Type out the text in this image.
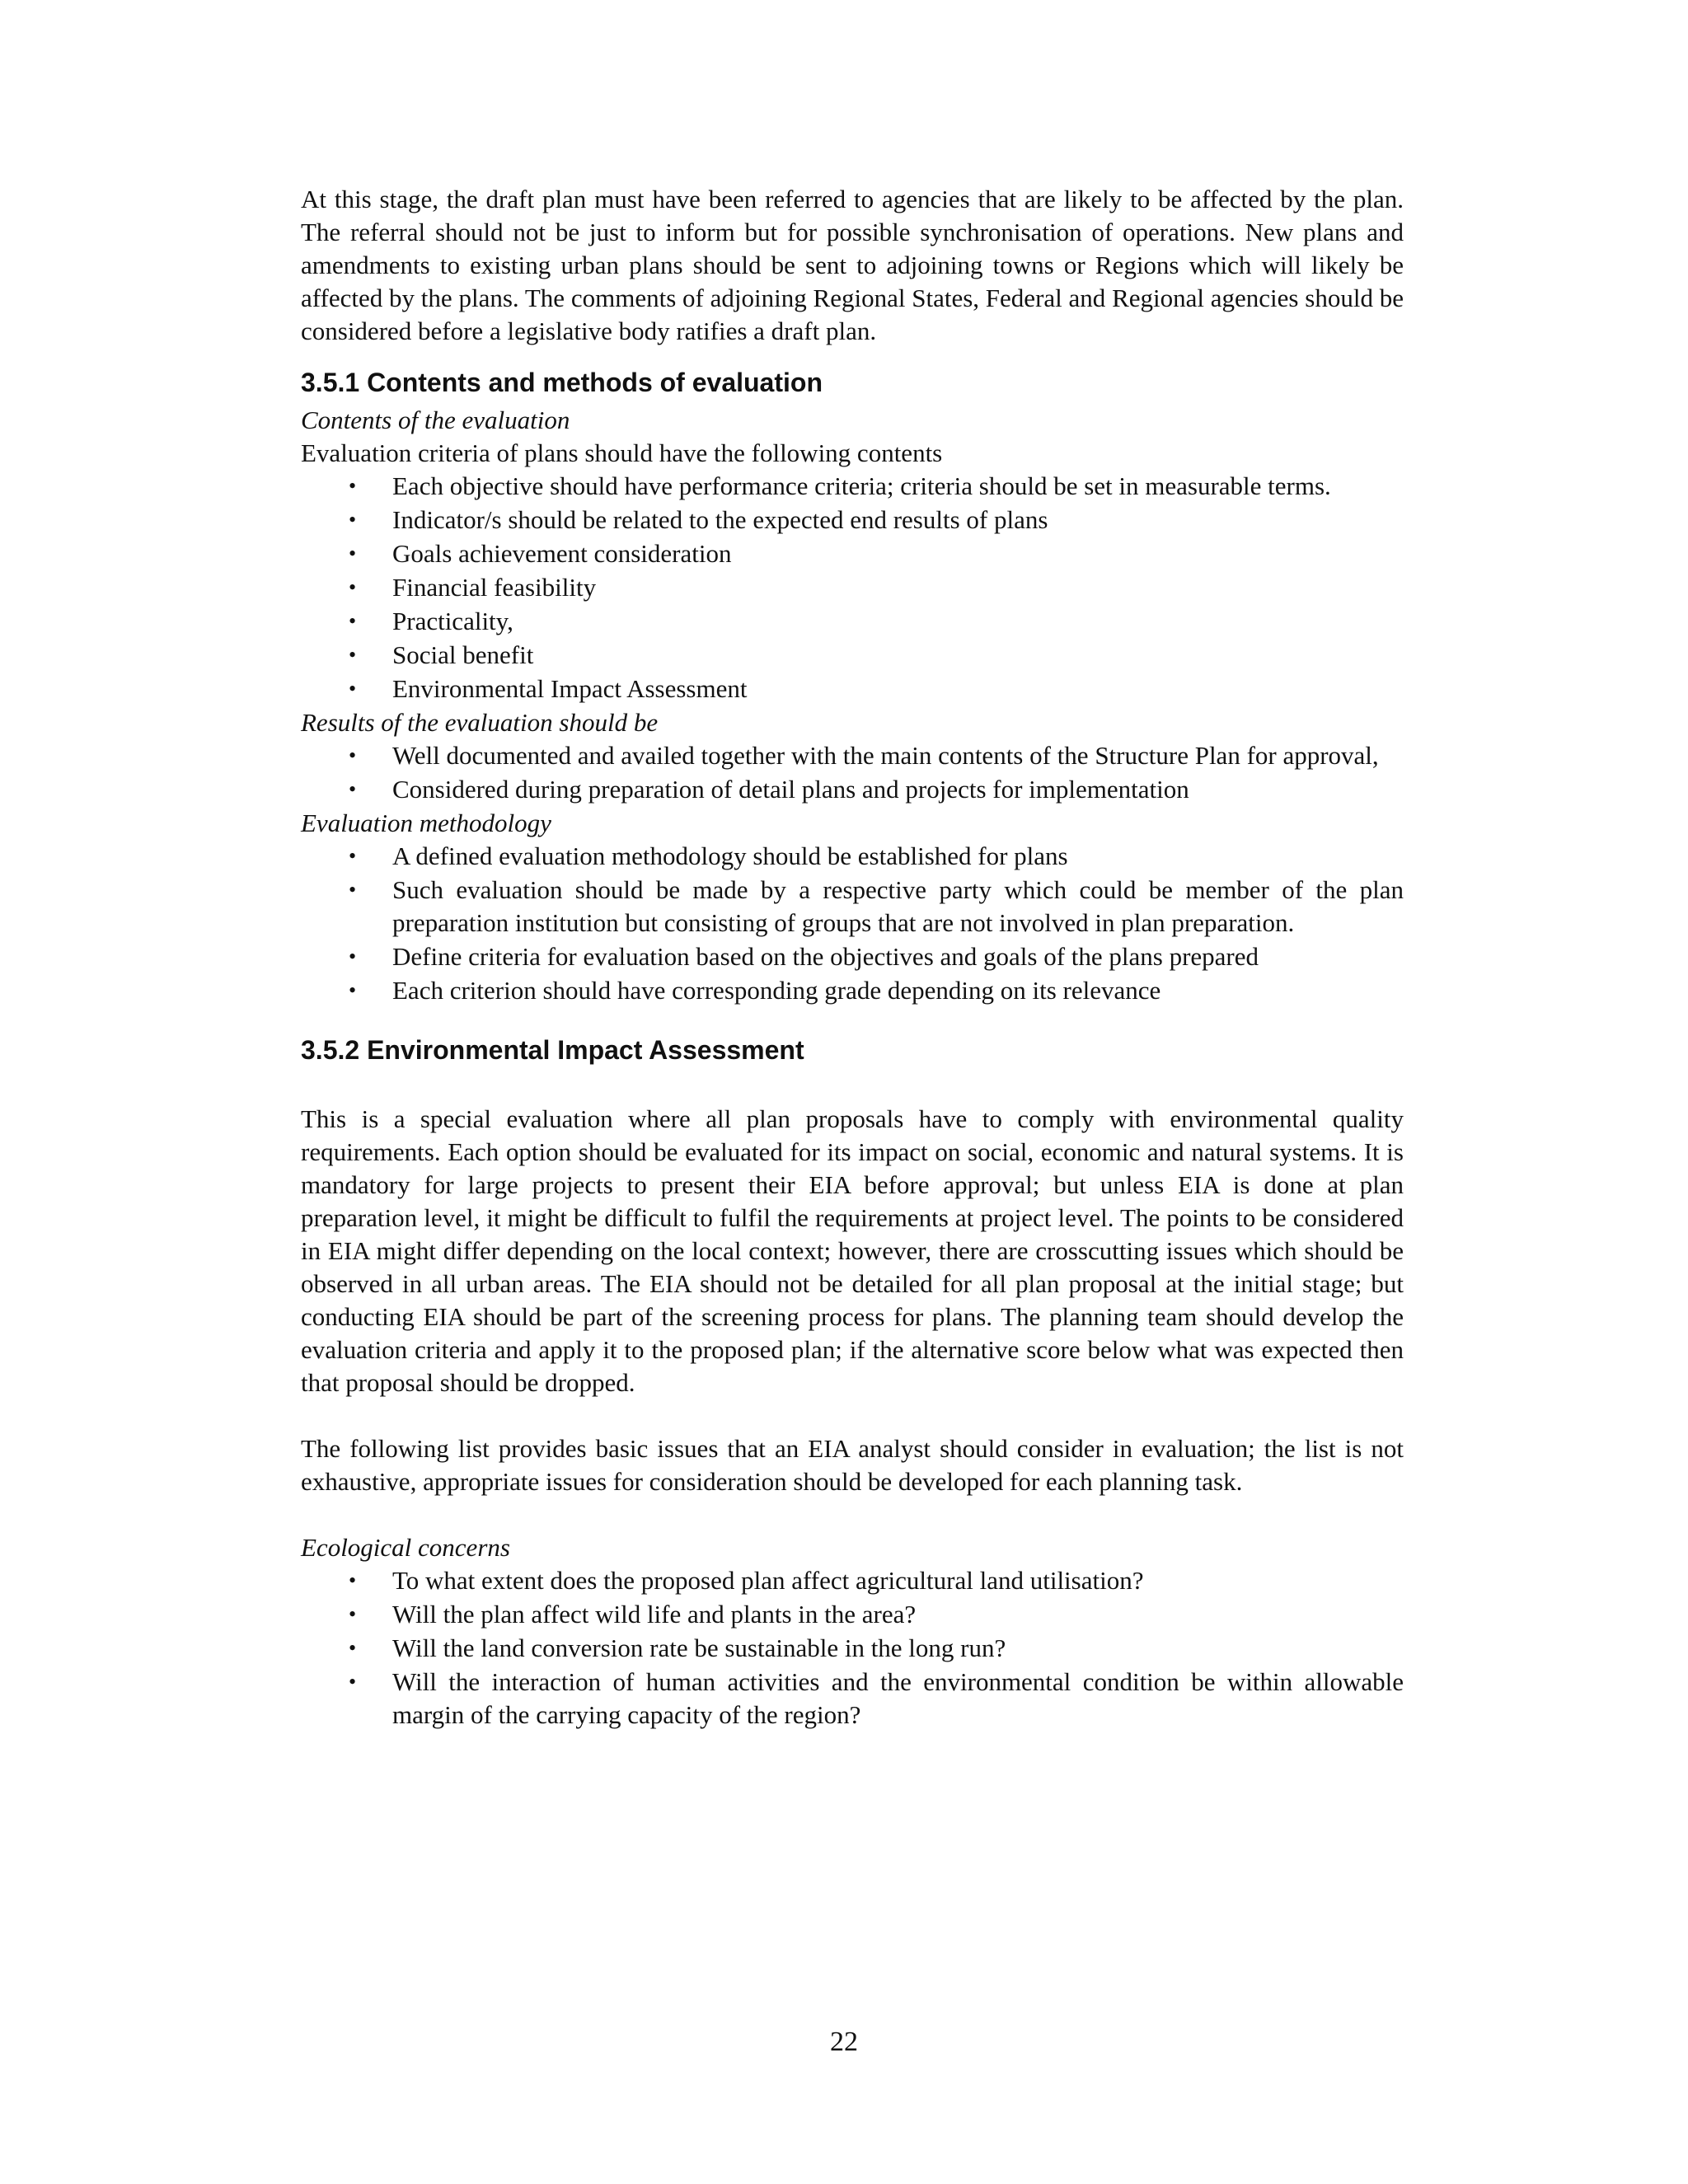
At this stage, the draft plan must have been referred to agencies that are likely to be affected by the plan. The referral should not be just to inform but for possible synchronisation of operations. New plans and amendments to existing urban plans should be sent to adjoining towns or Regions which will likely be affected by the plans. The comments of adjoining Regional States, Federal and Regional agencies should be considered before a legislative body ratifies a draft plan.

3.5.1 Contents and methods of evaluation
Contents of the evaluation

Evaluation criteria of plans should have the following contents

• Each objective should have performance criteria; criteria should be set in measurable terms.
• Indicator/s should be related to the expected end results of plans
• Goals achievement consideration
• Financial feasibility
• Practicality,
• Social benefit
• Environmental Impact Assessment
Results of the evaluation should be
• Well documented and availed together with the main contents of the Structure Plan for approval,
• Considered during preparation of detail plans and projects for implementation
Evaluation methodology
• A defined evaluation methodology should be established for plans
• Such evaluation should be made by a respective party which could be member of the plan preparation institution but consisting of groups that are not involved in plan preparation.
• Define criteria for evaluation based on the objectives and goals of the plans prepared
• Each criterion should have corresponding grade depending on its relevance
3.5.2 Environmental Impact Assessment

This is a special evaluation where all plan proposals have to comply with environmental quality requirements. Each option should be evaluated for its impact on social, economic and natural systems. It is mandatory for large projects to present their EIA before approval; but unless EIA is done at plan preparation level, it might be difficult to fulfil the requirements at project level. The points to be considered in EIA might differ depending on the local context; however, there are crosscutting issues which should be observed in all urban areas. The EIA should not be detailed for all plan proposal at the initial stage; but conducting EIA should be part of the screening process for plans. The planning team should develop the evaluation criteria and apply it to the proposed plan; if the alternative score below what was expected then that proposal should be dropped.

The following list provides basic issues that an EIA analyst should consider in evaluation; the list is not exhaustive, appropriate issues for consideration should be developed for each planning task.

Ecological concerns
• To what extent does the proposed plan affect agricultural land utilisation?
• Will the plan affect wild life and plants in the area?
• Will the land conversion rate be sustainable in the long run?
• Will the interaction of human activities and the environmental condition be within allowable margin of the carrying capacity of the region?
22
